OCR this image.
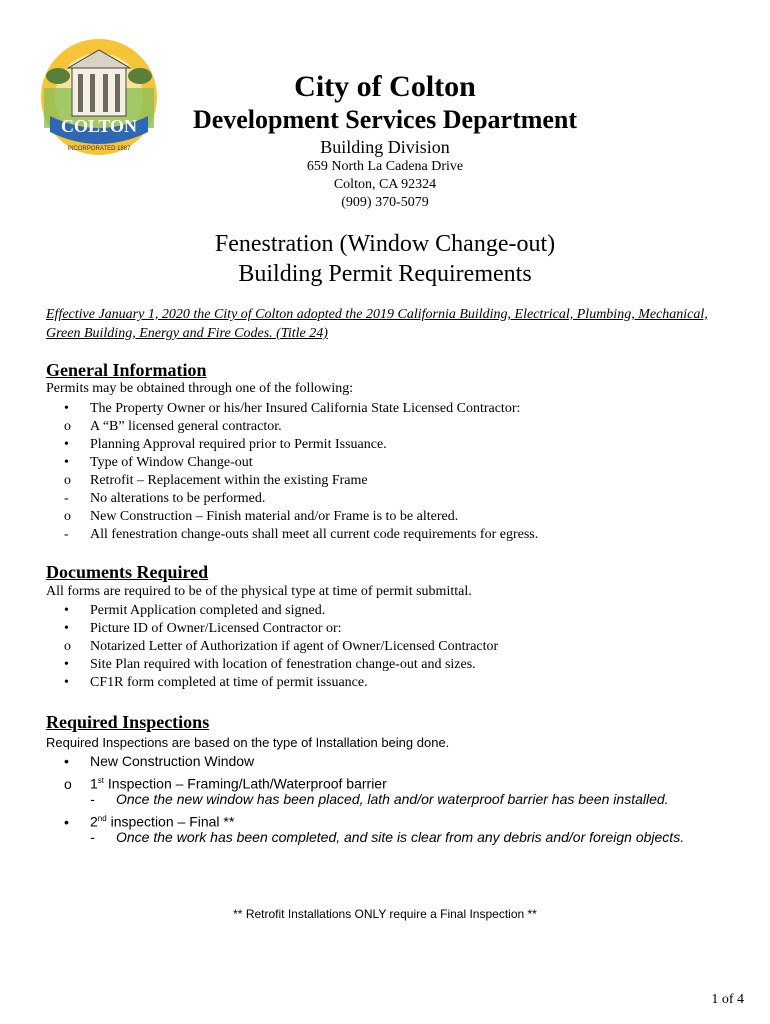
COLTON
INCORPORATED 1887
City of Colton
Development Services Department
Building Division
659 North La Cadena Drive
Colton, CA 92324
(909) 370-5079
Fenestration (Window Change-out)
Building Permit Requirements
Effective January 1, 2020 the City of Colton adopted the 2019 California Building, Electrical, Plumbing, Mechanical, Green Building, Energy and Fire Codes. (Title 24)
General Information
Permits may be obtained through one of the following:
• The Property Owner or his/her Insured California State Licensed Contractor:
o A “B” licensed general contractor.
• Planning Approval required prior to Permit Issuance.
• Type of Window Change-out
o Retrofit – Replacement within the existing Frame
- No alterations to be performed.
o New Construction – Finish material and/or Frame is to be altered.
- All fenestration change-outs shall meet all current code requirements for egress.
Documents Required
All forms are required to be of the physical type at time of permit submittal.
• Permit Application completed and signed.
• Picture ID of Owner/Licensed Contractor or:
o Notarized Letter of Authorization if agent of Owner/Licensed Contractor
• Site Plan required with location of fenestration change-out and sizes.
• CF1R form completed at time of permit issuance.
Required Inspections
Required Inspections are based on the type of Installation being done.
• New Construction Window
o 1st Inspection – Framing/Lath/Waterproof barrier
- Once the new window has been placed, lath and/or waterproof barrier has been installed.
• 2nd inspection – Final **
- Once the work has been completed, and site is clear from any debris and/or foreign objects.
** Retrofit Installations ONLY require a Final Inspection **
1 of 4
